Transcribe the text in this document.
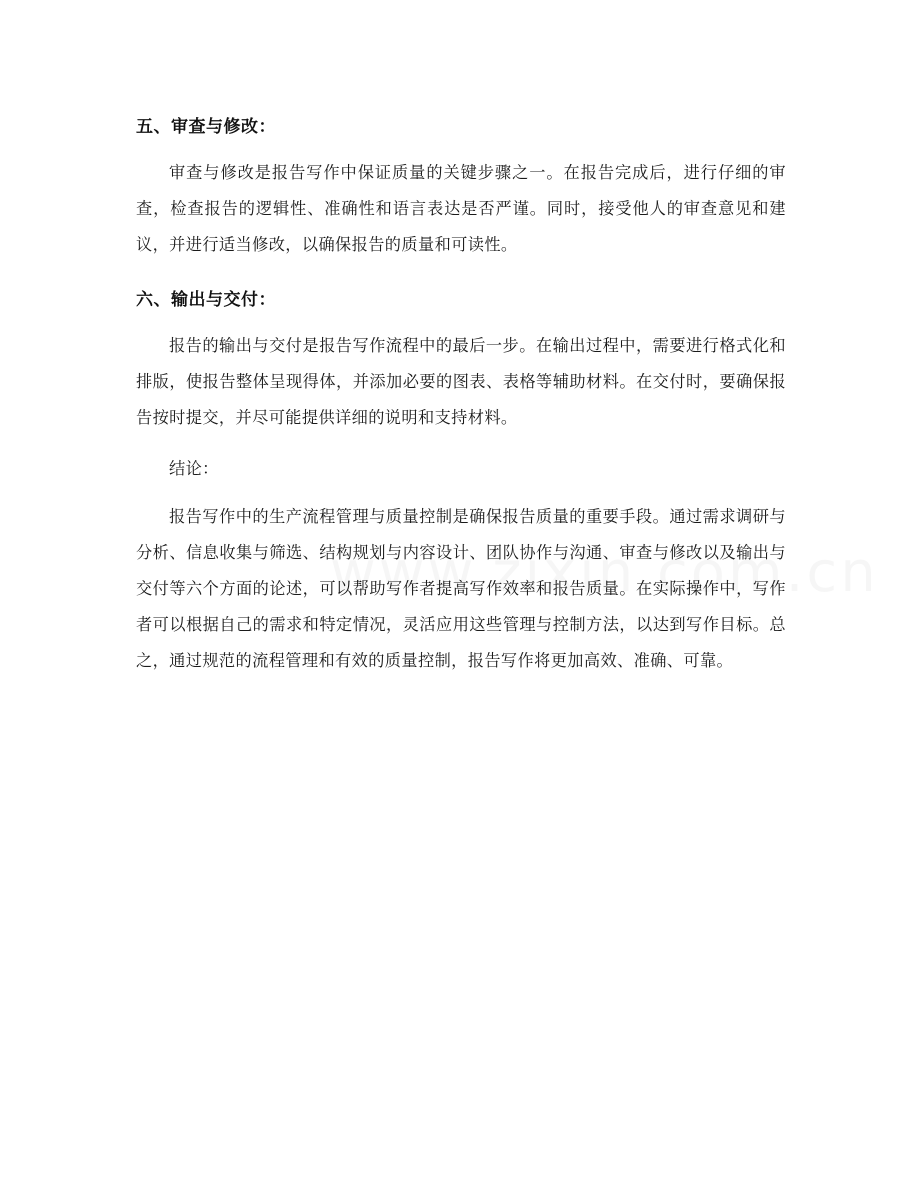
五、审查与修改：
审查与修改是报告写作中保证质量的关键步骤之一。在报告完成后，进行仔细的审查，检查报告的逻辑性、准确性和语言表达是否严谨。同时，接受他人的审查意见和建议，并进行适当修改，以确保报告的质量和可读性。
六、输出与交付：
报告的输出与交付是报告写作流程中的最后一步。在输出过程中，需要进行格式化和排版，使报告整体呈现得体，并添加必要的图表、表格等辅助材料。在交付时，要确保报告按时提交，并尽可能提供详细的说明和支持材料。
结论：
报告写作中的生产流程管理与质量控制是确保报告质量的重要手段。通过需求调研与分析、信息收集与筛选、结构规划与内容设计、团队协作与沟通、审查与修改以及输出与交付等六个方面的论述，可以帮助写作者提高写作效率和报告质量。在实际操作中，写作者可以根据自己的需求和特定情况，灵活应用这些管理与控制方法，以达到写作目标。总之，通过规范的流程管理和有效的质量控制，报告写作将更加高效、准确、可靠。
